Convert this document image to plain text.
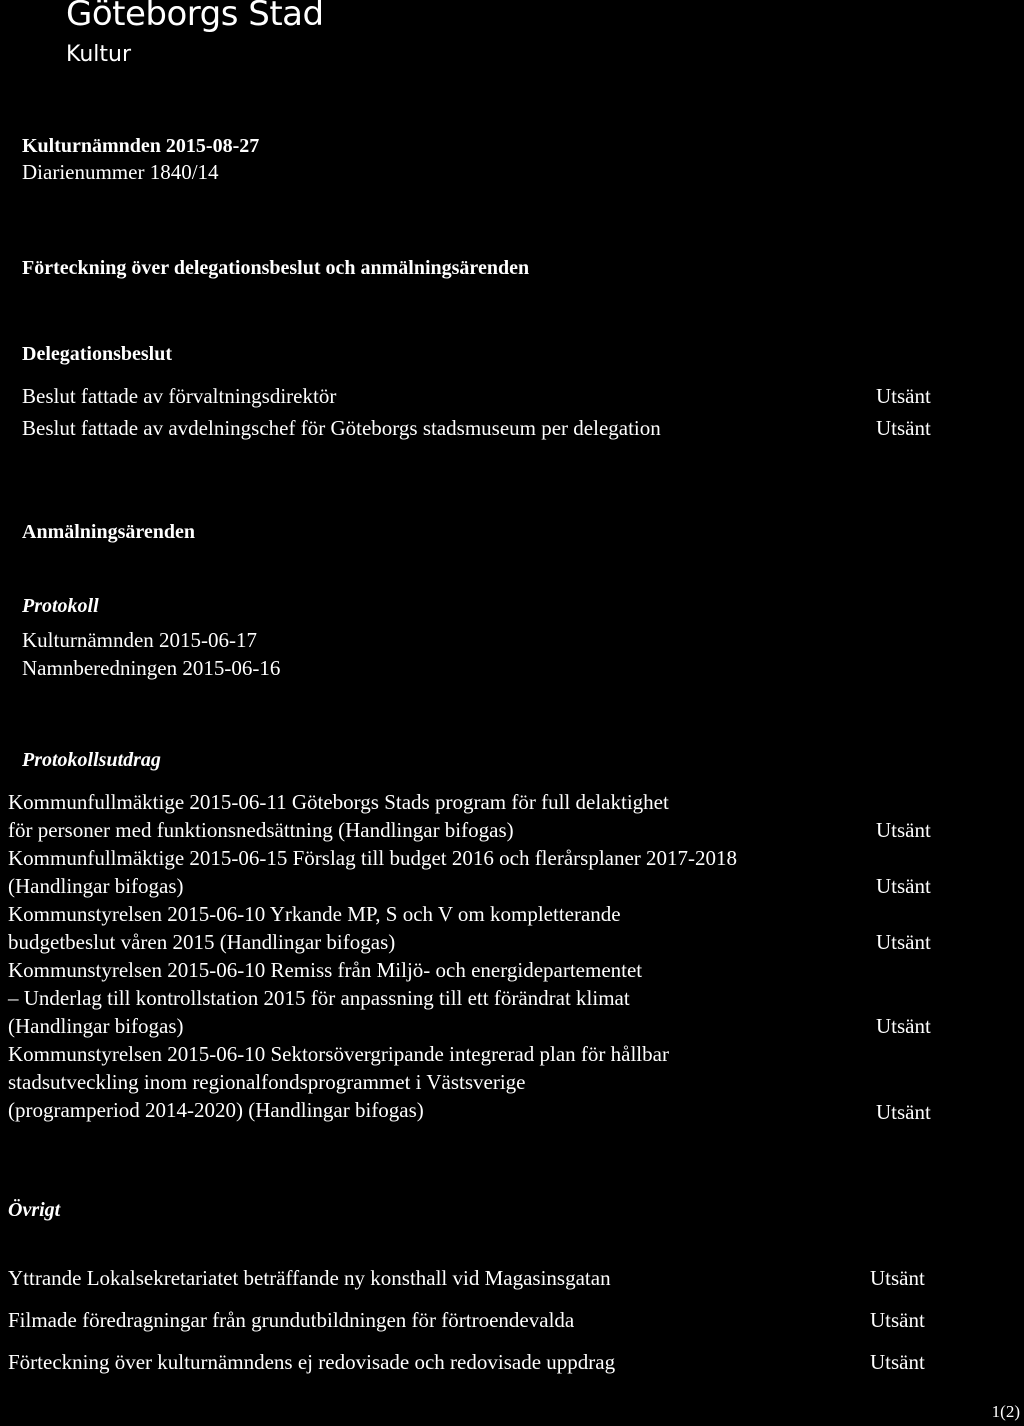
Göteborgs Stad
Kultur
Kulturnämnden 2015-08-27
Diarienummer 1840/14
Förteckning över delegationsbeslut och anmälningsärenden
Delegationsbeslut
Beslut fattade av förvaltningsdirektör	Utsänt
Beslut fattade av avdelningschef för Göteborgs stadsmuseum per delegation	Utsänt
Anmälningsärenden
Protokoll
Kulturnämnden 2015-06-17
Namnberedningen 2015-06-16
Protokollsutdrag
Kommunfullmäktige 2015-06-11 Göteborgs Stads program för full delaktighet
för personer med funktionsnedsättning (Handlingar bifogas)	Utsänt
Kommunfullmäktige 2015-06-15 Förslag till budget 2016 och flerårsplaner 2017-2018
(Handlingar bifogas)	Utsänt
Kommunstyrelsen 2015-06-10 Yrkande MP, S och V om kompletterande
budgetbeslut våren 2015 (Handlingar bifogas)	Utsänt
Kommunstyrelsen 2015-06-10 Remiss från Miljö- och energidepartementet
– Underlag till kontrollstation 2015 för anpassning till ett förändrat klimat
(Handlingar bifogas)	Utsänt
Kommunstyrelsen 2015-06-10 Sektorsövergripande integrerad plan för hållbar
stadsutveckling inom regionalfondsprogrammet i Västsverige
(programperiod 2014-2020) (Handlingar bifogas)	Utsänt
Övrigt
Yttrande Lokalsekretariatet beträffande ny konsthall vid Magasinsgatan	Utsänt
Filmade föredragningar från grundutbildningen för förtroendevalda	Utsänt
Förteckning över kulturnämndens ej redovisade och redovisade uppdrag	Utsänt
1(2)
